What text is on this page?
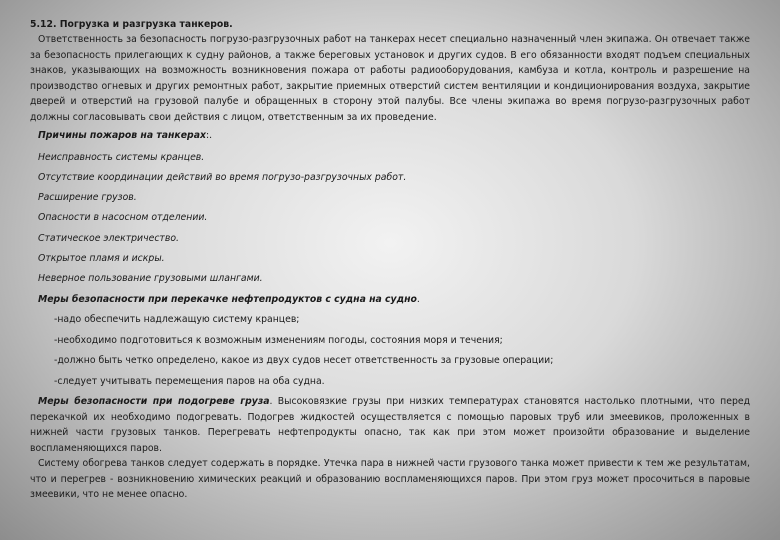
5.12. Погрузка и разгрузка танкеров.

Ответственность за безопасность погрузо-разгрузочных работ на танкерах несет специально назначенный член экипажа. Он отвечает также за безопасность прилегающих к судну районов, а также береговых установок и других судов. В его обязанности входят подъем специальных знаков, указывающих на возможность возникновения пожара от работы радиооборудования, камбуза и котла, контроль и разрешение на производство огневых и других ремонтных работ, закрытие приемных отверстий систем вентиляции и кондиционирования воздуха, закрытие дверей и отверстий на грузовой палубе и обращенных в сторону этой палубы. Все члены экипажа во время погрузо-разгрузочных работ должны согласовывать свои действия с лицом, ответственным за их проведение.

Причины пожаров на танкерах:.

Неисправность системы кранцев.

Отсутствие координации действий во время погрузо-разгрузочных работ.

Расширение грузов.

Опасности в насосном отделении.

Статическое электричество.

Открытое пламя и искры.

Неверное пользование грузовыми шлангами.

Меры безопасности при перекачке нефтепродуктов с судна на судно.

-надо обеспечить надлежащую систему кранцев;

-необходимо подготовиться к возможным изменениям погоды, состояния моря и течения;

-должно быть четко определено, какое из двух судов несет ответственность за грузовые операции;

-следует учитывать перемещения паров на оба судна.

Меры безопасности при подогреве груза. Высоковязкие грузы при низких температурах становятся настолько плотными, что перед перекачкой их необходимо подогревать. Подогрев жидкостей осуществляется с помощью паровых труб или змеевиков, проложенных в нижней части грузовых танков. Перегревать нефтепродукты опасно, так как при этом может произойти образование и выделение воспламеняющихся паров.

Систему обогрева танков следует содержать в порядке. Утечка пара в нижней части грузового танка может привести к тем же результатам, что и перегрев - возникновению химических реакций и образованию воспламеняющихся паров. При этом груз может просочиться в паровые змеевики, что не менее опасно.
